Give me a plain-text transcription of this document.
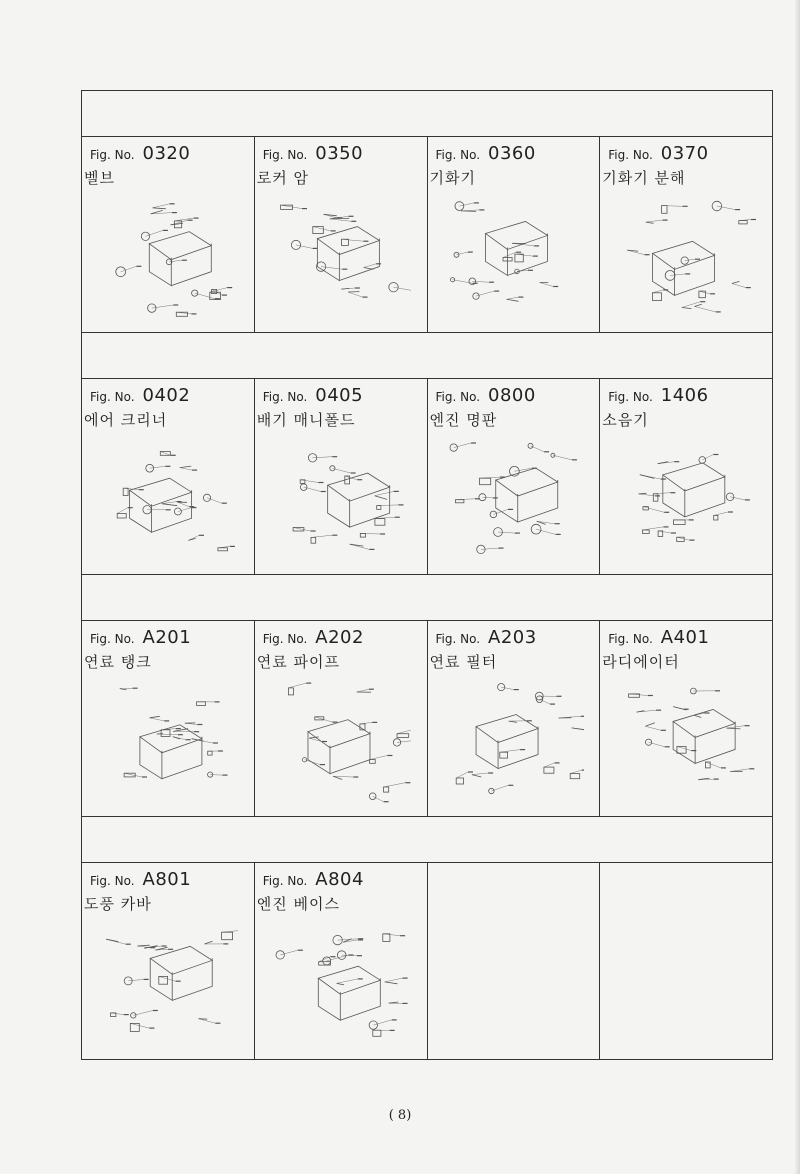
Fig. No. 0320
벨브
Fig. No. 0350
로커 암
Fig. No. 0360
기화기
Fig. No. 0370
기화기 분해
Fig. No. 0402
에어 크리너
Fig. No. 0405
배기 매니폴드
Fig. No. 0800
엔진 명판
Fig. No. 1406
소음기
Fig. No. A201
연료 탱크
Fig. No. A202
연료 파이프
Fig. No. A203
연료 필터
Fig. No. A401
라디에이터
Fig. No. A801
도풍 카바
Fig. No. A804
엔진 베이스
( 8)
